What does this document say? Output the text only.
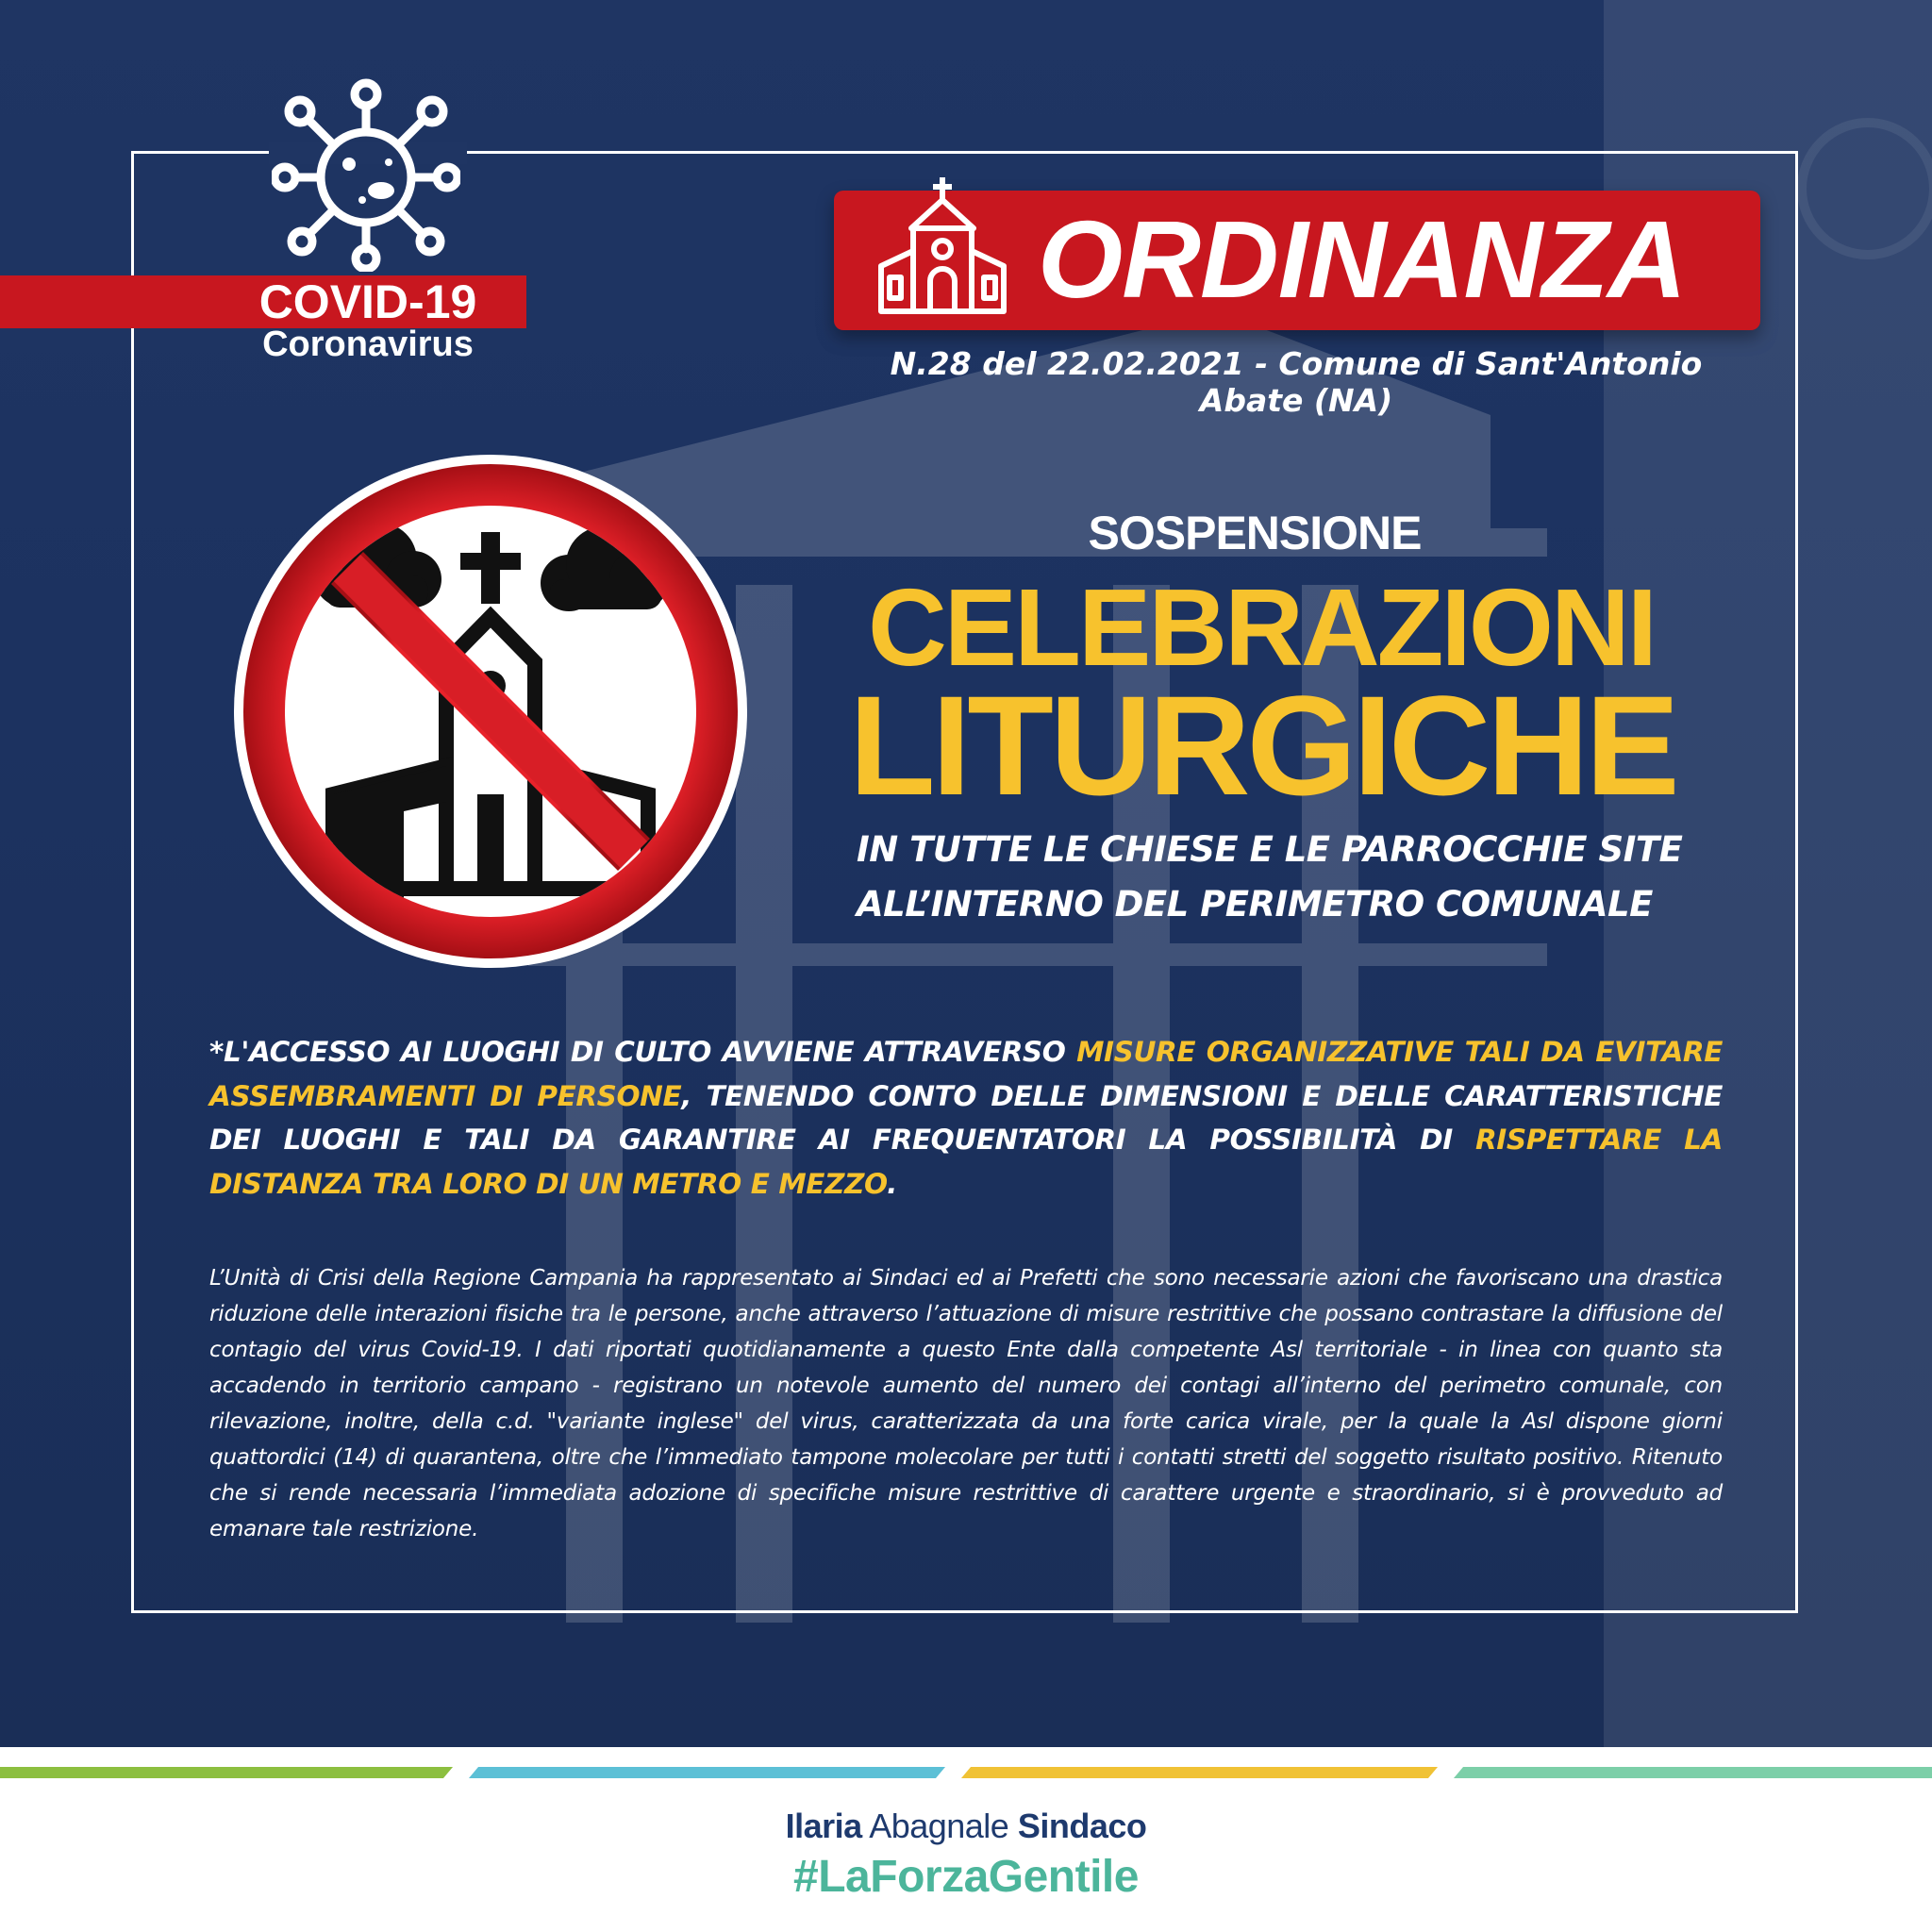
COVID-19
Coronavirus
ORDINANZA
N.28 del 22.02.2021 - Comune di Sant'Antonio Abate (NA)
SOSPENSIONE
CELEBRAZIONI
LITURGICHE
IN TUTTE LE CHIESE E LE PARROCCHIE SITE
ALL’INTERNO DEL PERIMETRO COMUNALE
*L'ACCESSO AI LUOGHI DI CULTO AVVIENE ATTRAVERSO MISURE ORGANIZZATIVE TALI DA EVITARE ASSEMBRAMENTI DI PERSONE, TENENDO CONTO DELLE DIMENSIONI E DELLE CARATTERISTICHE DEI LUOGHI E TALI DA GARANTIRE AI FREQUENTATORI LA POSSIBILITÀ DI RISPETTARE LA DISTANZA TRA LORO DI UN METRO E MEZZO.
L’Unità di Crisi della Regione Campania ha rappresentato ai Sindaci ed ai Prefetti che sono necessarie azioni che favoriscano una drastica riduzione delle interazioni fisiche tra le persone, anche attraverso l’attuazione di misure restrittive che possano contrastare la diffusione del contagio del virus Covid-19. I dati riportati quotidianamente a questo Ente dalla competente Asl territoriale - in linea con quanto sta accadendo in territorio campano - registrano un notevole aumento del numero dei contagi all’interno del perimetro comunale, con rilevazione, inoltre, della c.d. "variante inglese" del virus, caratterizzata da una forte carica virale, per la quale la Asl dispone giorni quattordici (14) di quarantena, oltre che l’immediato tampone molecolare per tutti i contatti stretti del soggetto risultato positivo. Ritenuto che si rende necessaria l’immediata adozione di specifiche misure restrittive di carattere urgente e straordinario, si è provveduto ad emanare tale restrizione.
Ilaria Abagnale Sindaco
#LaForzaGentile
